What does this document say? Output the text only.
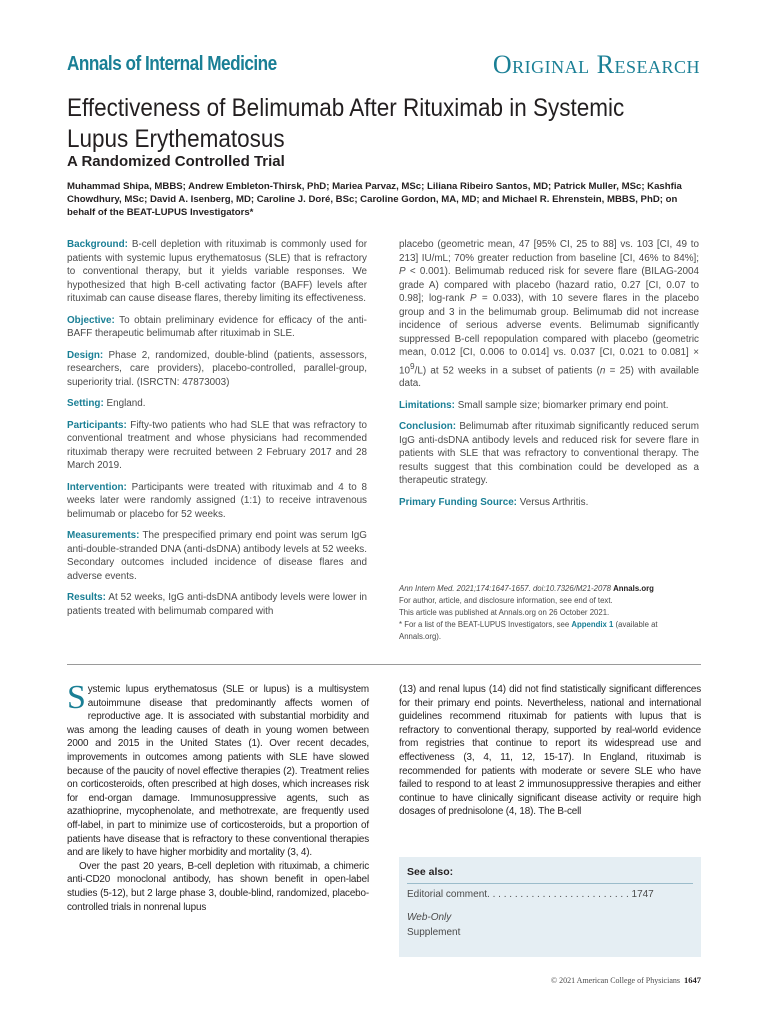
Annals of Internal Medicine	Original Research
Effectiveness of Belimumab After Rituximab in Systemic Lupus Erythematosus
A Randomized Controlled Trial
Muhammad Shipa, MBBS; Andrew Embleton-Thirsk, PhD; Mariea Parvaz, MSc; Liliana Ribeiro Santos, MD; Patrick Muller, MSc; Kashfia Chowdhury, MSc; David A. Isenberg, MD; Caroline J. Doré, BSc; Caroline Gordon, MA, MD; and Michael R. Ehrenstein, MBBS, PhD; on behalf of the BEAT-LUPUS Investigators*

Background: B-cell depletion with rituximab is commonly used for patients with systemic lupus erythematosus (SLE) that is refractory to conventional therapy, but it yields variable responses. We hypothesized that high B-cell activating factor (BAFF) levels after rituximab can cause disease flares, thereby limiting its effectiveness.

Objective: To obtain preliminary evidence for efficacy of the anti-BAFF therapeutic belimumab after rituximab in SLE.

Design: Phase 2, randomized, double-blind (patients, assessors, researchers, care providers), placebo-controlled, parallel-group, superiority trial. (ISRCTN: 47873003)

Setting: England.

Participants: Fifty-two patients who had SLE that was refractory to conventional treatment and whose physicians had recommended rituximab therapy were recruited between 2 February 2017 and 28 March 2019.

Intervention: Participants were treated with rituximab and 4 to 8 weeks later were randomly assigned (1:1) to receive intravenous belimumab or placebo for 52 weeks.

Measurements: The prespecified primary end point was serum IgG anti-double-stranded DNA (anti-dsDNA) antibody levels at 52 weeks. Secondary outcomes included incidence of disease flares and adverse events.

Results: At 52 weeks, IgG anti-dsDNA antibody levels were lower in patients treated with belimumab compared with

placebo (geometric mean, 47 [95% CI, 25 to 88] vs. 103 [CI, 49 to 213] IU/mL; 70% greater reduction from baseline [CI, 46% to 84%]; P < 0.001). Belimumab reduced risk for severe flare (BILAG-2004 grade A) compared with placebo (hazard ratio, 0.27 [CI, 0.07 to 0.98]; log-rank P = 0.033), with 10 severe flares in the placebo group and 3 in the belimumab group. Belimumab did not increase incidence of serious adverse events. Belimumab significantly suppressed B-cell repopulation compared with placebo (geometric mean, 0.012 [CI, 0.006 to 0.014] vs. 0.037 [CI, 0.021 to $0.081] \times 10^9/L$) at 52 weeks in a subset of patients (n = 25) with available data.

Limitations: Small sample size; biomarker primary end point.

Conclusion: Belimumab after rituximab significantly reduced serum IgG anti-dsDNA antibody levels and reduced risk for severe flare in patients with SLE that was refractory to conventional therapy. The results suggest that this combination could be developed as a therapeutic strategy.

Primary Funding Source: Versus Arthritis.

Ann Intern Med. 2021;174:1647-1657. doi:10.7326/M21-2078 Annals.org
For author, article, and disclosure information, see end of text.
This article was published at Annals.org on 26 October 2021.
* For a list of the BEAT-LUPUS Investigators, see Appendix 1 (available at
Annals.org).

Systemic lupus erythematosus (SLE or lupus) is a multisystem autoimmune disease that predominantly affects women of reproductive age. It is associated with substantial morbidity and was among the leading causes of death in young women between 2000 and 2015 in the United States (1). Over recent decades, improvements in outcomes among patients with SLE have slowed because of the paucity of novel effective therapies (2). Treatment relies on corticosteroids, often prescribed at high doses, which increases risk for end-organ damage. Immunosuppressive agents, such as azathioprine, mycophenolate, and methotrexate, are frequently used off-label, in part to minimize use of corticosteroids, but a proportion of patients have disease that is refractory to these conventional therapies and are likely to have higher morbidity and mortality (3, 4).

Over the past 20 years, B-cell depletion with rituximab, a chimeric anti-CD20 monoclonal antibody, has shown benefit in open-label studies (5-12), but 2 large phase 3, double-blind, randomized, placebo-controlled trials in nonrenal lupus

(13) and renal lupus (14) did not find statistically significant differences for their primary end points. Nevertheless, national and international guidelines recommend rituximab for patients with lupus that is refractory to conventional therapy, supported by real-world evidence from registries that continue to report its widespread use and effectiveness (3, 4, 11, 12, 15-17). In England, rituximab is recommended for patients with moderate or severe SLE who have failed to respond to at least 2 immunosuppressive therapies and either continue to have clinically significant disease activity or require high dosages of prednisolone (4, 18). The B-cell

See also:
Editorial comment. . . . . . . . . . . . . . . . . . . . . . . . . . 1747
Web-Only
Supplement
© 2021 American College of Physicians 1647
